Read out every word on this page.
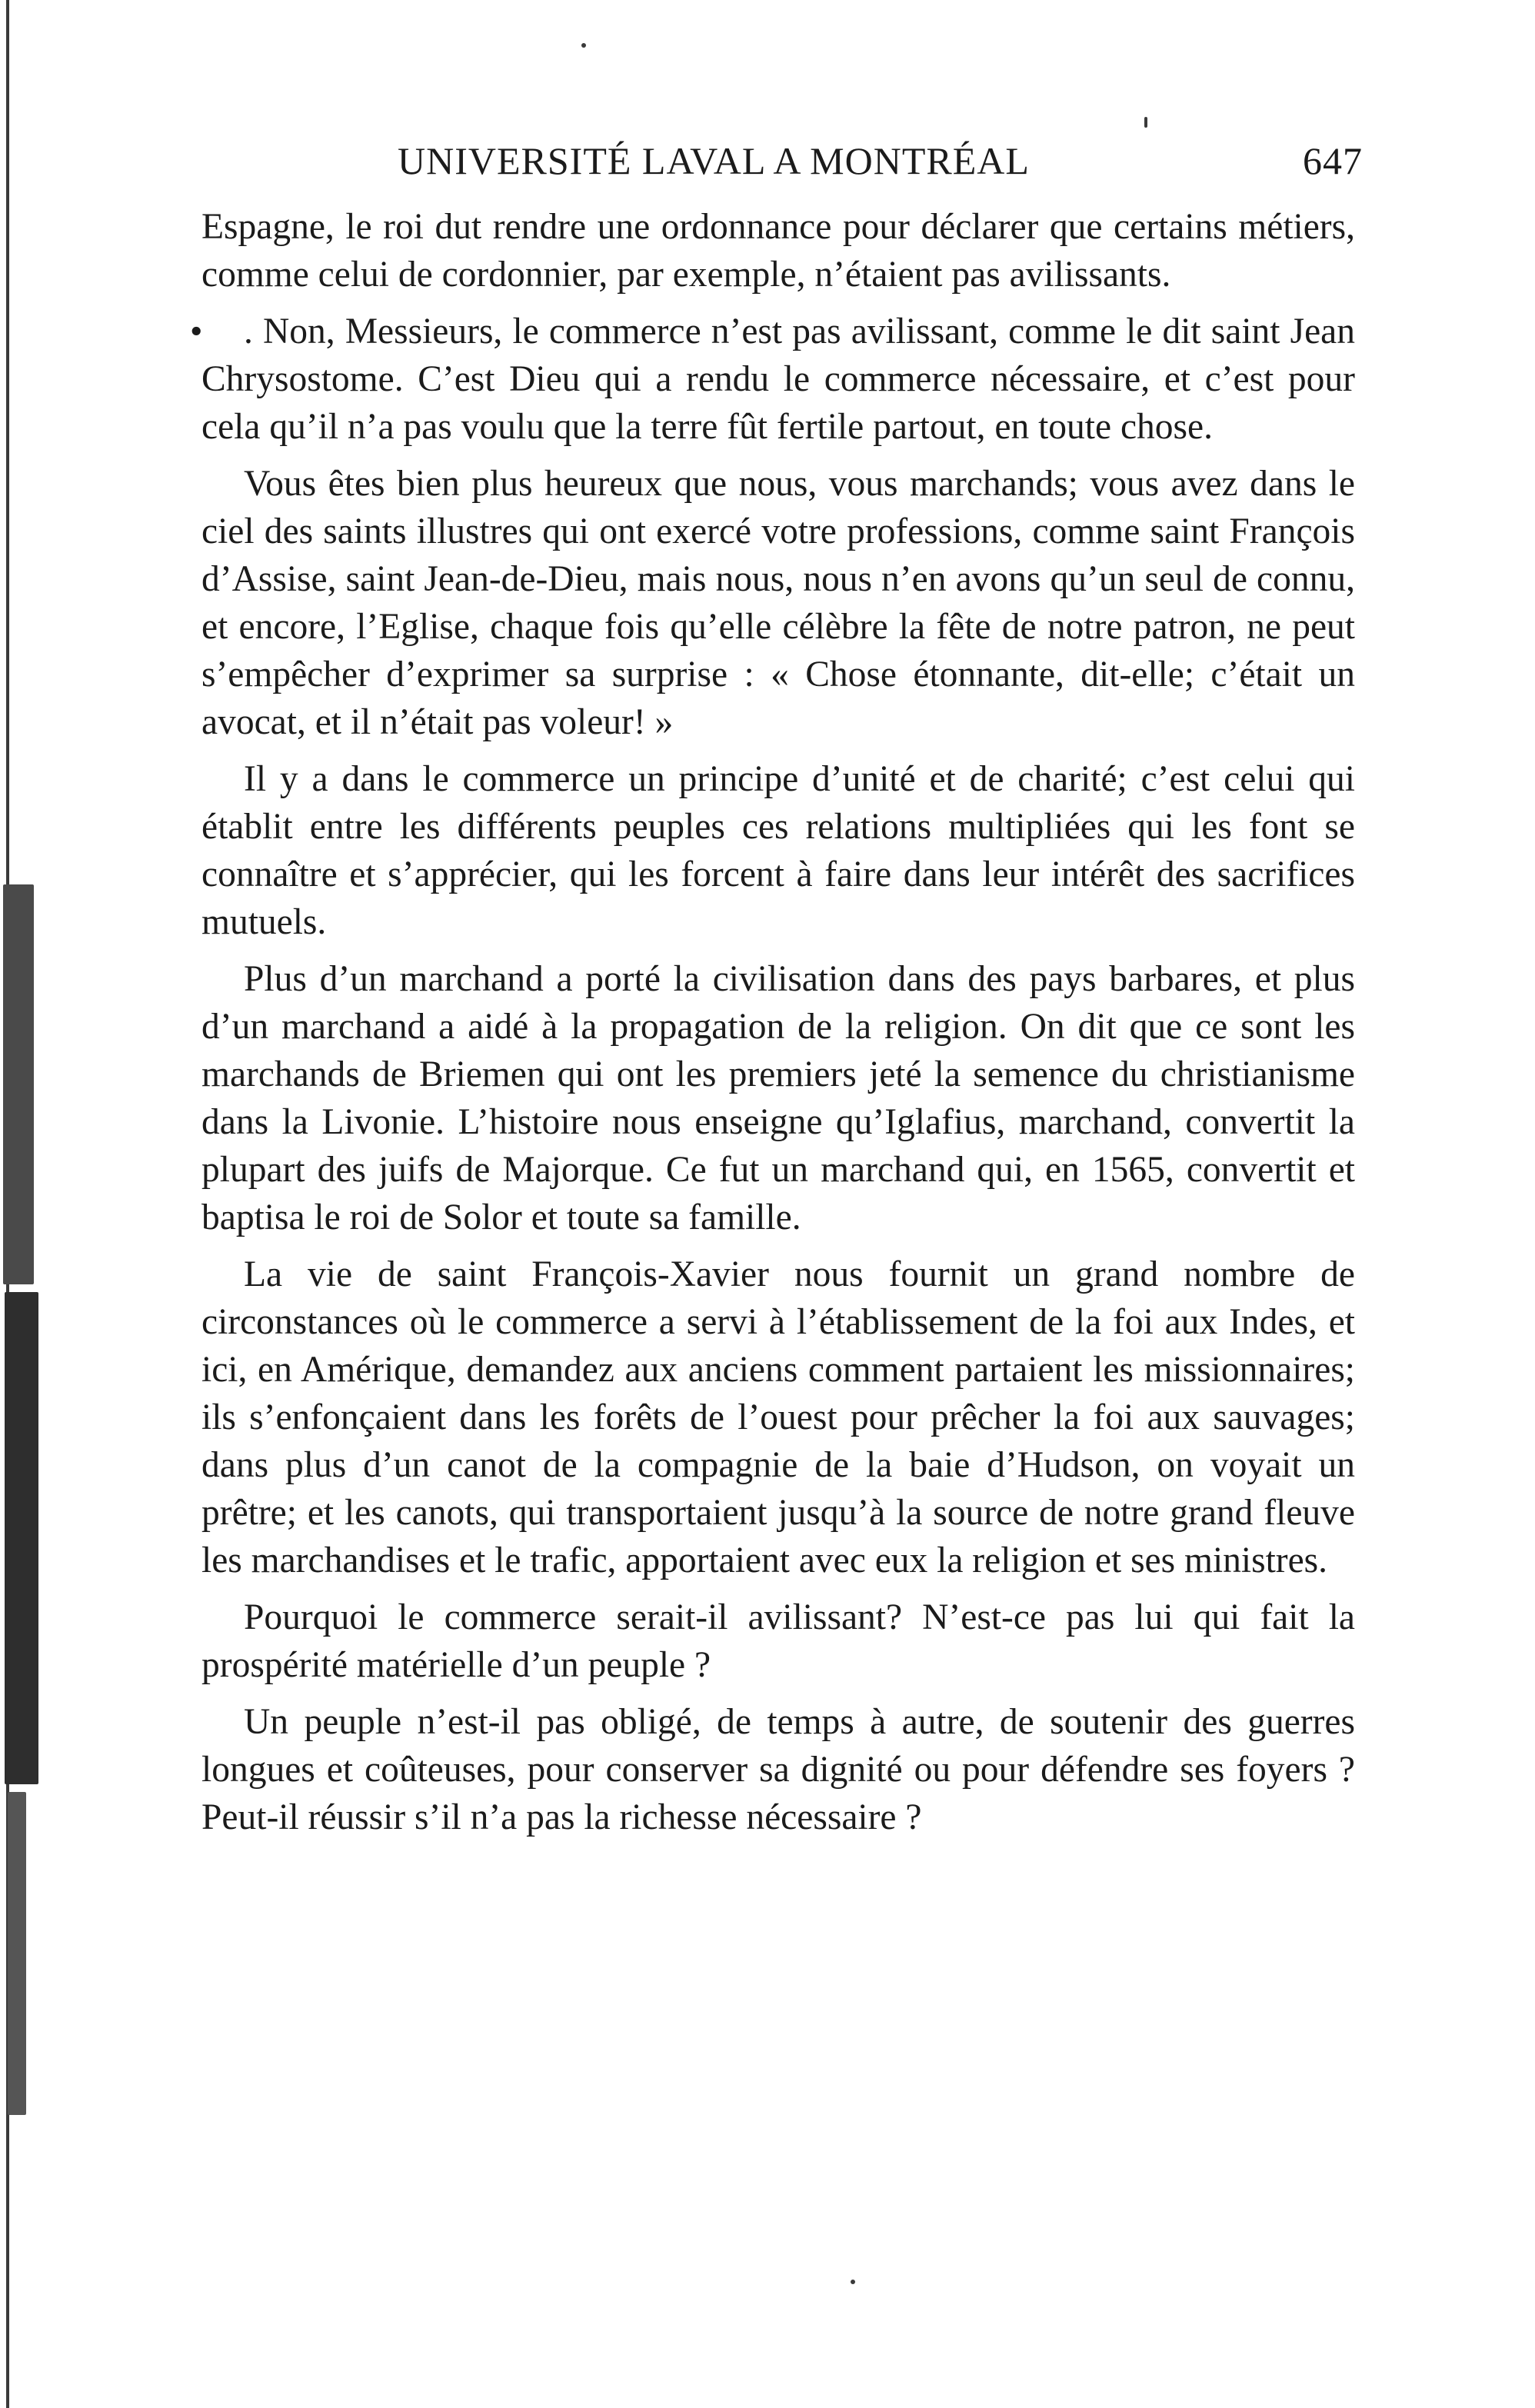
UNIVERSITÉ LAVAL A MONTRÉAL	647

Espagne, le roi dut rendre une ordonnance pour déclarer que certains métiers, comme celui de cordonnier, par exemple, n’étaient pas avilissants.

• . Non, Messieurs, le commerce n’est pas avilissant, comme le dit saint Jean Chrysostome. C’est Dieu qui a rendu le commerce nécessaire, et c’est pour cela qu’il n’a pas voulu que la terre fût fertile partout, en toute chose.

Vous êtes bien plus heureux que nous, vous marchands; vous avez dans le ciel des saints illustres qui ont exercé votre professions, comme saint François d’Assise, saint Jean-de-Dieu, mais nous, nous n’en avons qu’un seul de connu, et encore, l’Eglise, chaque fois qu’elle célèbre la fête de notre patron, ne peut s’empêcher d’exprimer sa surprise : « Chose étonnante, dit-elle; c’était un avocat, et il n’était pas voleur! »

Il y a dans le commerce un principe d’unité et de charité; c’est celui qui établit entre les différents peuples ces relations multipliées qui les font se connaître et s’apprécier, qui les forcent à faire dans leur intérêt des sacrifices mutuels.

Plus d’un marchand a porté la civilisation dans des pays barbares, et plus d’un marchand a aidé à la propagation de la religion. On dit que ce sont les marchands de Briemen qui ont les premiers jeté la semence du christianisme dans la Livonie. L’histoire nous enseigne qu’Iglafius, marchand, convertit la plupart des juifs de Majorque. Ce fut un marchand qui, en 1565, convertit et baptisa le roi de Solor et toute sa famille.

La vie de saint François-Xavier nous fournit un grand nombre de circonstances où le commerce a servi à l’établissement de la foi aux Indes, et ici, en Amérique, demandez aux anciens comment partaient les missionnaires; ils s’enfonçaient dans les forêts de l’ouest pour prêcher la foi aux sauvages; dans plus d’un canot de la compagnie de la baie d’Hudson, on voyait un prêtre; et les canots, qui transportaient jusqu’à la source de notre grand fleuve les marchandises et le trafic, apportaient avec eux la religion et ses ministres.

Pourquoi le commerce serait-il avilissant? N’est-ce pas lui qui fait la prospérité matérielle d’un peuple ?

Un peuple n’est-il pas obligé, de temps à autre, de soutenir des guerres longues et coûteuses, pour conserver sa dignité ou pour défendre ses foyers ? Peut-il réussir s’il n’a pas la richesse nécessaire ?
